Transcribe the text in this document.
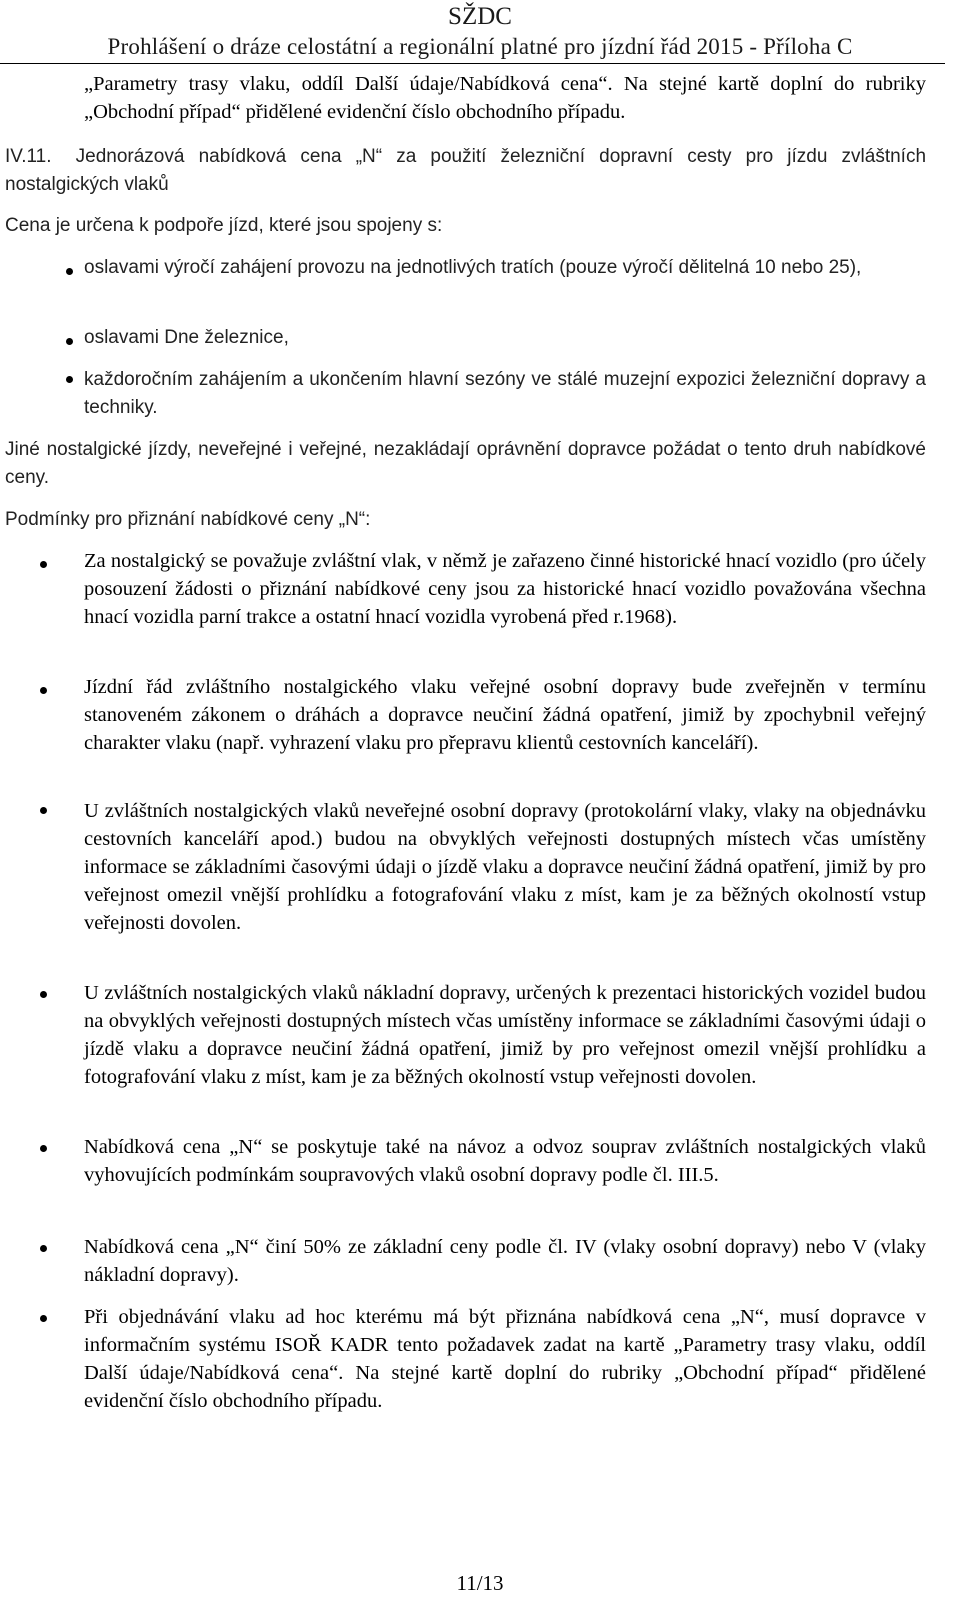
SŽDC
Prohlášení o dráze celostátní a regionální platné pro jízdní řád 2015 - Příloha C
„Parametry trasy vlaku, oddíl Další údaje/Nabídková cena“. Na stejné kartě doplní do rubriky „Obchodní případ“ přidělené evidenční číslo obchodního případu.
IV.11. Jednorázová nabídková cena „N“ za použití železniční dopravní cesty pro jízdu zvláštních nostalgických vlaků
Cena je určena k podpoře jízd, které jsou spojeny s:
oslavami výročí zahájení provozu na jednotlivých tratích (pouze výročí dělitelná 10 nebo 25),
oslavami Dne železnice,
každoročním zahájením a ukončením hlavní sezóny ve stálé muzejní expozici železniční dopravy a techniky.
Jiné nostalgické jízdy, neveřejné i veřejné, nezakládají oprávnění dopravce požádat o tento druh nabídkové ceny.
Podmínky pro přiznání nabídkové ceny „N“:
Za nostalgický se považuje zvláštní vlak, v němž je zařazeno činné historické hnací vozidlo (pro účely posouzení žádosti o přiznání nabídkové ceny jsou za historické hnací vozidlo považována všechna hnací vozidla parní trakce a ostatní hnací vozidla vyrobená před r.1968).
Jízdní řád zvláštního nostalgického vlaku veřejné osobní dopravy bude zveřejněn v termínu stanoveném zákonem o dráhách a dopravce neučiní žádná opatření, jimiž by zpochybnil veřejný charakter vlaku (např. vyhrazení vlaku pro přepravu klientů cestovních kanceláří).
U zvláštních nostalgických vlaků neveřejné osobní dopravy (protokolární vlaky, vlaky na objednávku cestovních kanceláří apod.) budou na obvyklých veřejnosti dostupných místech včas umístěny informace se základními časovými údaji o jízdě vlaku a dopravce neučiní žádná opatření, jimiž by pro veřejnost omezil vnější prohlídku a fotografování vlaku z míst, kam je za běžných okolností vstup veřejnosti dovolen.
U zvláštních nostalgických vlaků nákladní dopravy, určených k prezentaci historických vozidel budou na obvyklých veřejnosti dostupných místech včas umístěny informace se základními časovými údaji o jízdě vlaku a dopravce neučiní žádná opatření, jimiž by pro veřejnost omezil vnější prohlídku a fotografování vlaku z míst, kam je za běžných okolností vstup veřejnosti dovolen.
Nabídková cena „N“ se poskytuje také na návoz a odvoz souprav zvláštních nostalgických vlaků vyhovujících podmínkám soupravových vlaků osobní dopravy podle čl. III.5.
Nabídková cena „N“ činí 50% ze základní ceny podle čl. IV (vlaky osobní dopravy) nebo V (vlaky nákladní dopravy).
Při objednávání vlaku ad hoc kterému má být přiznána nabídková cena „N“, musí dopravce v informačním systému ISOŘ KADR tento požadavek zadat na kartě „Parametry trasy vlaku, oddíl Další údaje/Nabídková cena“. Na stejné kartě doplní do rubriky „Obchodní případ“ přidělené evidenční číslo obchodního případu.
11/13
